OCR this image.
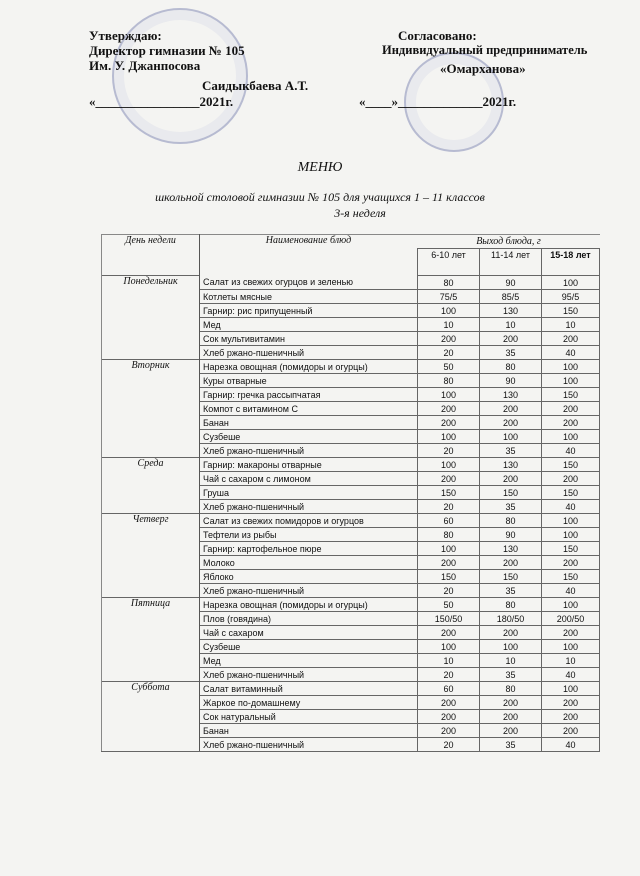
Утверждаю:
Директор гимназии № 105
Им. У. Джанпосова
Саидыкбаева А.Т.
«________________2021г.
Согласовано:
Индивидуальный предприниматель
«Омарханова»
«____»_____________2021г.
МЕНЮ
школьной столовой гимназии № 105 для учащихся 1 – 11 классов
3-я неделя
День недели	Наименование блюд	Выход блюда, г		
		6-10 лет	11-14 лет	15-18 лет
Понедельник	Салат из свежих огурцов и зеленью	80	90	100
	Котлеты мясные	75/5	85/5	95/5
	Гарнир: рис припущенный	100	130	150
	Мед	10	10	10
	Сок мультивитамин	200	200	200
	Хлеб ржано-пшеничный	20	35	40
Вторник	Нарезка овощная (помидоры и огурцы)	50	80	100
	Куры отварные	80	90	100
	Гарнир: гречка рассыпчатая	100	130	150
	Компот с витамином С	200	200	200
	Банан	200	200	200
	Сузбеше	100	100	100
	Хлеб ржано-пшеничный	20	35	40
Среда	Гарнир: макароны отварные	100	130	150
	Чай с сахаром с лимоном	200	200	200
	Груша	150	150	150
	Хлеб ржано-пшеничный	20	35	40
Четверг	Салат из свежих помидоров и огурцов	60	80	100
	Тефтели из рыбы	80	90	100
	Гарнир: картофельное пюре	100	130	150
	Молоко	200	200	200
	Яблоко	150	150	150
	Хлеб ржано-пшеничный	20	35	40
Пятница	Нарезка овощная (помидоры и огурцы)	50	80	100
	Плов (говядина)	150/50	180/50	200/50
	Чай с сахаром	200	200	200
	Сузбеше	100	100	100
	Мед	10	10	10
	Хлеб ржано-пшеничный	20	35	40
Суббота	Салат витаминный	60	80	100
	Жаркое по-домашнему	200	200	200
	Сок натуральный	200	200	200
	Банан	200	200	200
	Хлеб ржано-пшеничный	20	35	40
